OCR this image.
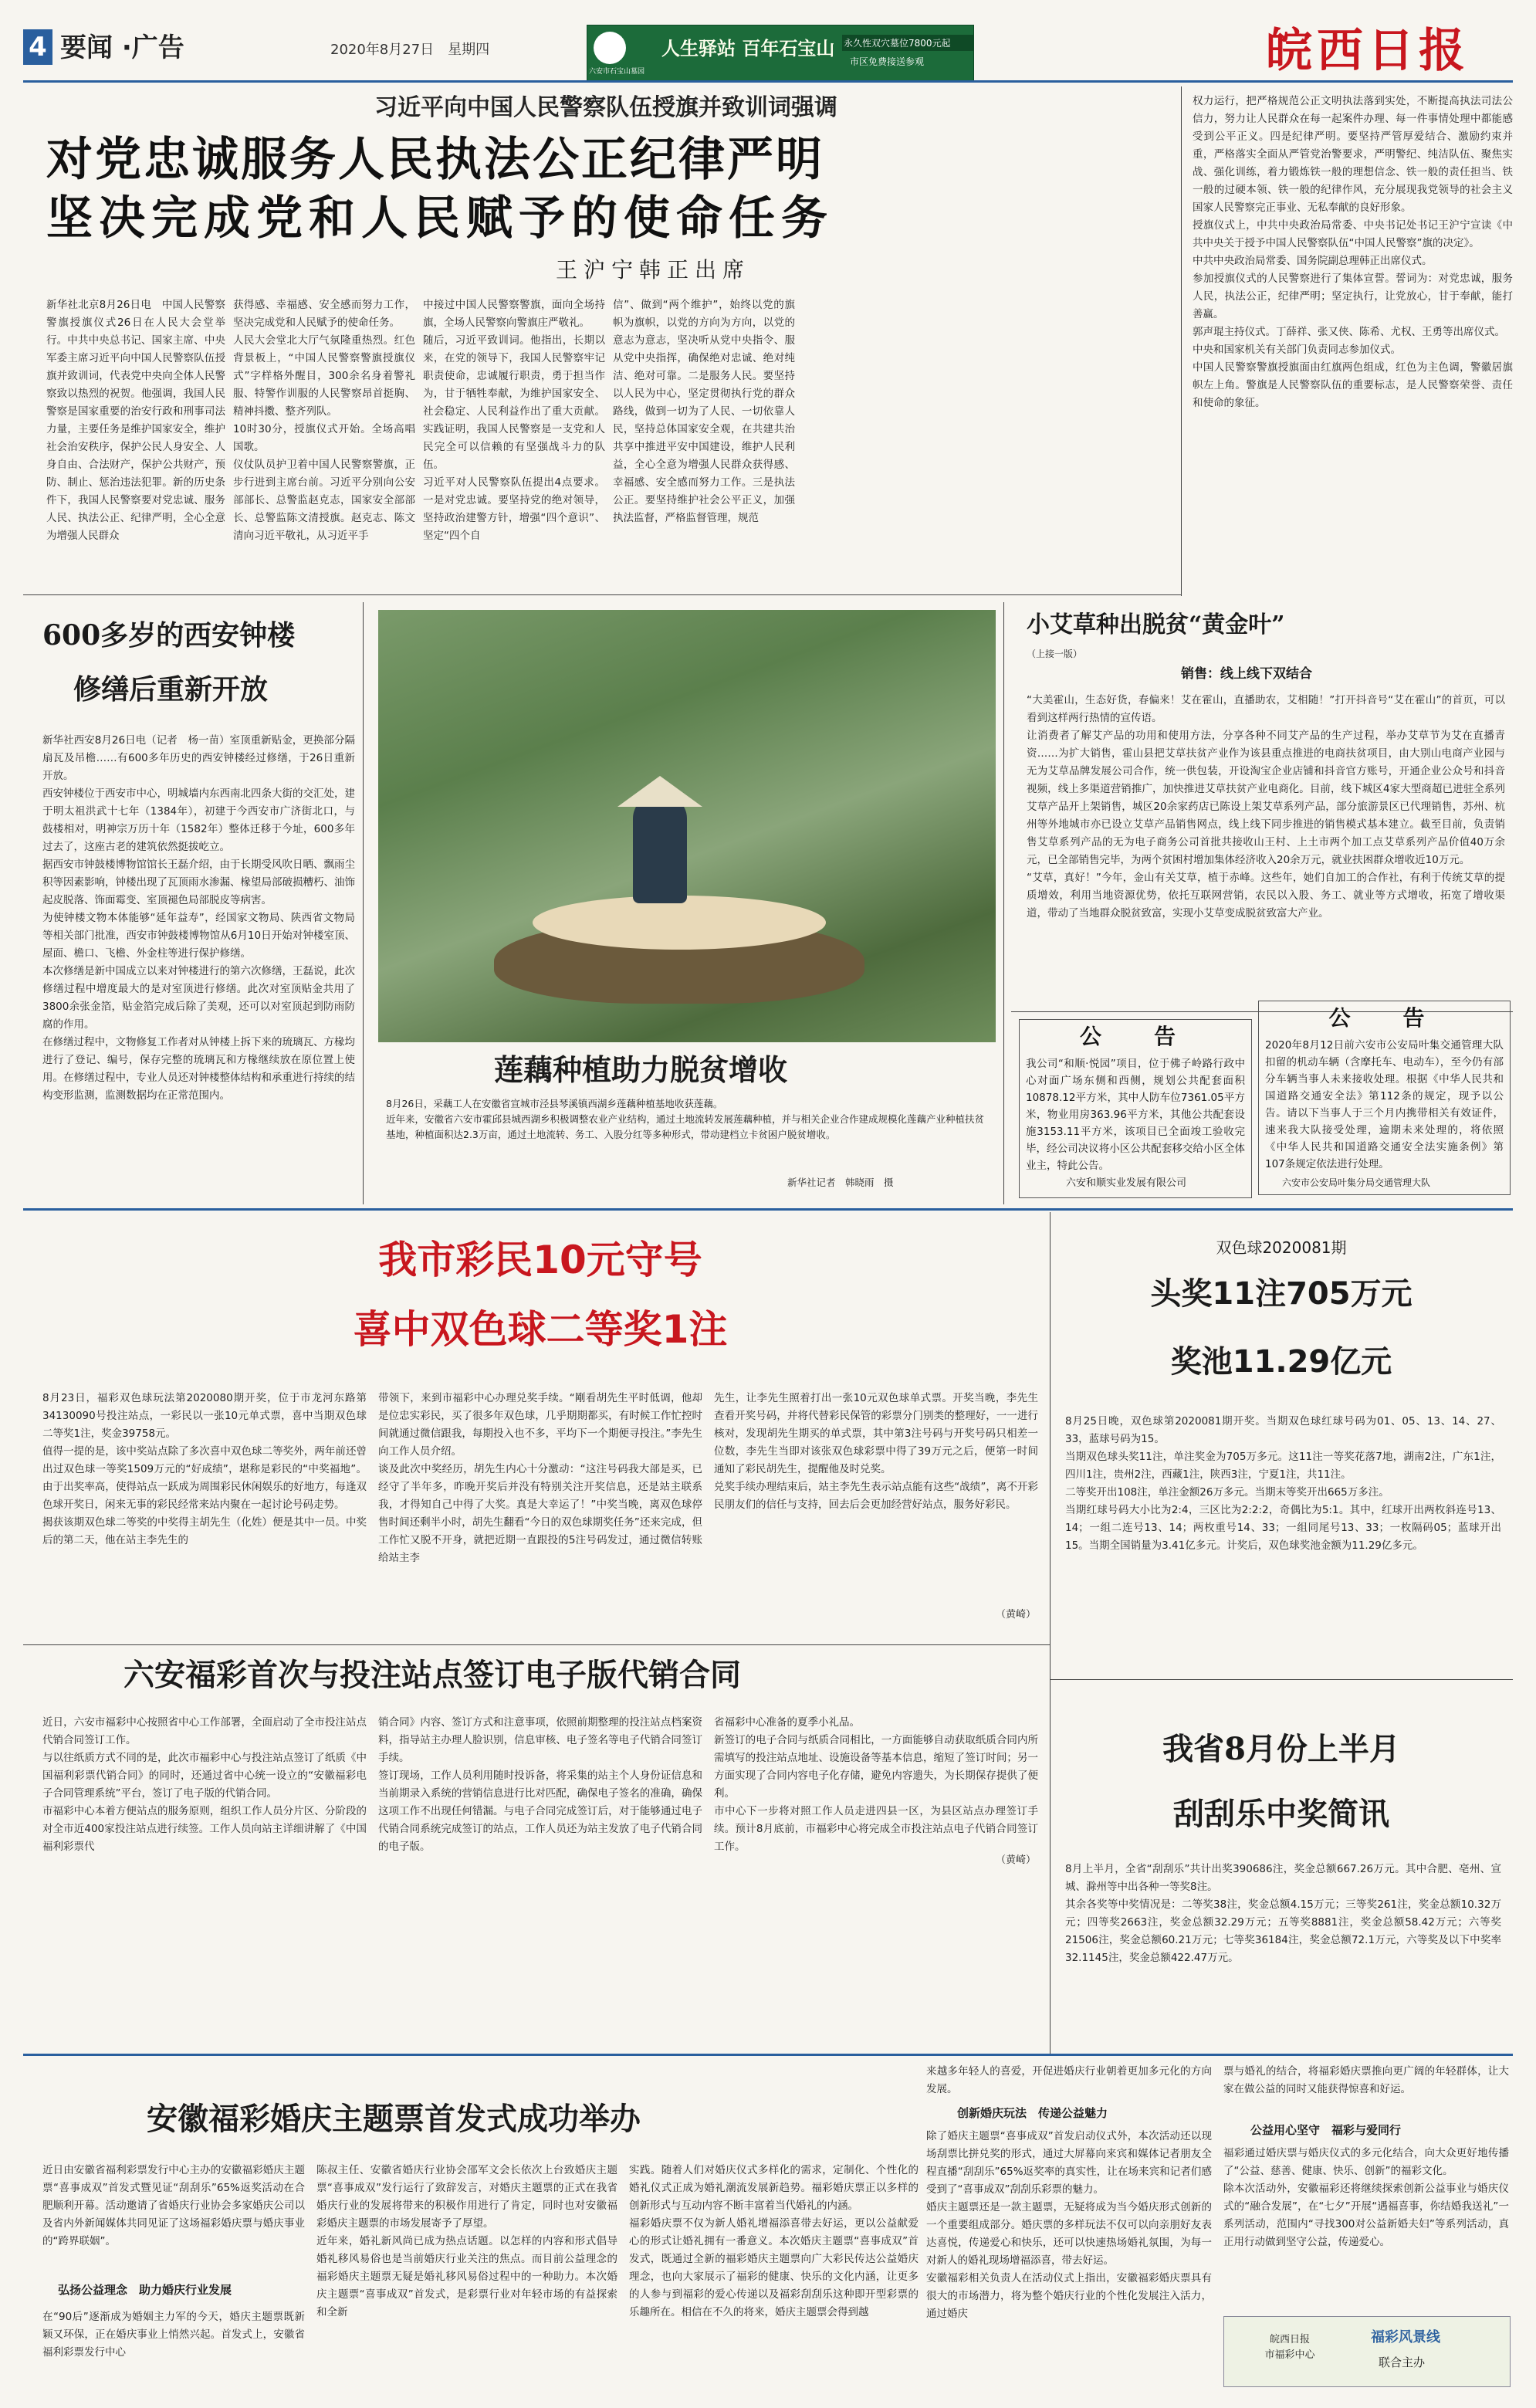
4 要闻 ·广告	2020年8月27日　星期四
六安市石宝山墓园
人生驿站 百年石宝山 永久性双穴墓位7800元起
市区免费接送参观	皖西日报
习近平向中国人民警察队伍授旗并致训词强调
对党忠诚服务人民执法公正纪律严明
坚决完成党和人民赋予的使命任务
王沪宁韩正出席
新华社北京8月26日电　中国人民警察警旗授旗仪式26日在人民大会堂举行。中共中央总书记、国家主席、中央军委主席习近平向中国人民警察队伍授旗并致训词，代表党中央向全体人民警察致以热烈的祝贺。他强调，我国人民警察是国家重要的治安行政和刑事司法力量，主要任务是维护国家安全，维护社会治安秩序，保护公民人身安全、人身自由、合法财产，保护公共财产，预防、制止、惩治违法犯罪。新的历史条件下，我国人民警察要对党忠诚、服务人民、执法公正、纪律严明，全心全意为增强人民群众
获得感、幸福感、安全感而努力工作，坚决完成党和人民赋予的使命任务。
人民大会堂北大厅气氛隆重热烈。红色背景板上，“中国人民警察警旗授旗仪式”字样格外醒目，300余名身着警礼服、特警作训服的人民警察昂首挺胸、精神抖擞、整齐列队。
10时30分，授旗仪式开始。全场高唱国歌。
仪仗队员护卫着中国人民警察警旗，正步行进到主席台前。习近平分别向公安部部长、总警监赵克志，国家安全部部长、总警监陈文清授旗。赵克志、陈文清向习近平敬礼，从习近平手
中接过中国人民警察警旗，面向全场持旗，全场人民警察向警旗庄严敬礼。
随后，习近平致训词。他指出，长期以来，在党的领导下，我国人民警察牢记职责使命，忠诚履行职责，勇于担当作为，甘于牺牲奉献，为维护国家安全、社会稳定、人民利益作出了重大贡献。实践证明，我国人民警察是一支党和人民完全可以信赖的有坚强战斗力的队伍。
习近平对人民警察队伍提出4点要求。一是对党忠诚。要坚持党的绝对领导，坚持政治建警方针，增强“四个意识”、坚定“四个自
信”、做到“两个维护”，始终以党的旗帜为旗帜，以党的方向为方向，以党的意志为意志，坚决听从党中央指令、服从党中央指挥，确保绝对忠诚、绝对纯洁、绝对可靠。二是服务人民。要坚持以人民为中心，坚定贯彻执行党的群众路线，做到一切为了人民、一切依靠人民，坚持总体国家安全观，在共建共治共享中推进平安中国建设，维护人民利益，全心全意为增强人民群众获得感、幸福感、安全感而努力工作。三是执法公正。要坚持维护社会公平正义，加强执法监督，严格监督管理，规范
权力运行，把严格规范公正文明执法落到实处，不断提高执法司法公信力，努力让人民群众在每一起案件办理、每一件事情处理中都能感受到公平正义。四是纪律严明。要坚持严管厚爱结合、激励约束并重，严格落实全面从严管党治警要求，严明警纪、纯洁队伍、聚焦实战、强化训练，着力锻炼铁一般的理想信念、铁一般的责任担当、铁一般的过硬本领、铁一般的纪律作风，充分展现我党领导的社会主义国家人民警察完正事业、无私奉献的良好形象。
授旗仪式上，中共中央政治局常委、中央书记处书记王沪宁宣读《中共中央关于授予中国人民警察队伍“中国人民警察”旗的决定》。
中共中央政治局常委、国务院副总理韩正出席仪式。
参加授旗仪式的人民警察进行了集体宣誓。誓词为：对党忠诚，服务人民，执法公正，纪律严明；坚定执行，让党放心，甘于奉献，能打善赢。
郭声琨主持仪式。丁薛祥、张又侠、陈希、尤权、王勇等出席仪式。
中央和国家机关有关部门负责同志参加仪式。
中国人民警察警旗授旗面由红旗两色组成，红色为主色调，警徽居旗帜左上角。警旗是人民警察队伍的重要标志，是人民警察荣誉、责任和使命的象征。
600多岁的西安钟楼
修缮后重新开放
新华社西安8月26日电（记者　杨一苗）室顶重新贴金，更换部分隔扇瓦及吊檐……有600多年历史的西安钟楼经过修缮，于26日重新开放。
西安钟楼位于西安市中心，明城墙内东西南北四条大街的交汇处，建于明太祖洪武十七年（1384年），初建于今西安市广济街北口，与鼓楼相对，明神宗万历十年（1582年）整体迁移于今址，600多年过去了，这座古老的建筑依然挺拔屹立。
据西安市钟鼓楼博物馆馆长王磊介绍，由于长期受风吹日晒、飘雨尘积等因素影响，钟楼出现了瓦顶雨水渗漏、椽望局部破损糟朽、油饰起皮脱落、饰面霉变、室顶褪色局部脱皮等病害。
为使钟楼文物本体能够“延年益寿”，经国家文物局、陕西省文物局等相关部门批准，西安市钟鼓楼博物馆从6月10日开始对钟楼室顶、屋面、檐口、飞檐、外金柱等进行保护修缮。
本次修缮是新中国成立以来对钟楼进行的第六次修缮，王磊说，此次修缮过程中增度最大的是对室顶进行修缮。此次对室顶贴金共用了3800余张金箔，贴金箔完成后除了美观，还可以对室顶起到防雨防腐的作用。
在修缮过程中，文物修复工作者对从钟楼上拆下来的琉璃瓦、方椽均进行了登记、编号，保存完整的琉璃瓦和方椽继续放在原位置上使用。在修缮过程中，专业人员还对钟楼整体结构和承重进行持续的结构变形监测，监测数据均在正常范围内。
莲藕种植助力脱贫增收
8月26日，采藕工人在安徽省宣城市泾县琴溪镇西湖乡莲藕种植基地收获莲藕。
近年来，安徽省六安市霍邱县城西湖乡积极调整农业产业结构，通过土地流转发展莲藕种植，并与相关企业合作建成规模化莲藕产业种植扶贫基地，种植面积达2.3万亩，通过土地流转、务工、入股分红等多种形式，带动建档立卡贫困户脱贫增收。
新华社记者　韩晓雨　摄
小艾草种出脱贫“黄金叶”
（上接一版）
销售：线上线下双结合
“大美霍山，生态好货，春偏来！艾在霍山，直播助农，艾相随！”打开抖音号“艾在霍山”的首页，可以看到这样两行热情的宣传语。
让消费者了解艾产品的功用和使用方法，分享各种不同艾产品的生产过程，举办艾草节为艾在直播青资……为扩大销售，霍山县把艾草扶贫产业作为该县重点推进的电商扶贫项目，由大别山电商产业园与无为艾草品牌发展公司合作，统一供包装，开设淘宝企业店铺和抖音官方账号，开通企业公众号和抖音视频，线上多渠道营销推广，加快推进艾草扶贫产业电商化。目前，线下城区4家大型商超已进驻全系列艾草产品开上架销售，城区20余家药店已陈设上架艾草系列产品，部分旅游景区已代理销售，苏州、杭州等外地城市亦已设立艾草产品销售网点，线上线下同步推进的销售模式基本建立。截至目前，负责销售艾草系列产品的无为电子商务公司首批共接收山王村、上土市两个加工点艾草系列产品价值40万余元，已全部销售完毕，为两个贫困村增加集体经济收入20余万元，就业扶困群众增收近10万元。
“艾草，真好！”今年，金山有关艾草，植于赤峰。这些年，她们自加工的合作社，有利于传统艾草的提质增效，利用当地资源优势，依托互联网营销，农民以入股、务工、就业等方式增收，拓宽了增收渠道，带动了当地群众脱贫致富，实现小艾草变成脱贫致富大产业。
公　告
我公司“和顺·悦园”项目，位于佛子岭路行政中心对面广场东侧和西侧，规划公共配套面积10878.12平方米，其中人防车位7361.05平方米，物业用房363.96平方米，其他公共配套设施3153.11平方米，该项目已全面竣工验收完毕，经公司决议将小区公共配套移交给小区全体业主，特此公告。
六安和顺实业发展有限公司
公　告
2020年8月12日前六安市公安局叶集交通管理大队扣留的机动车辆（含摩托车、电动车），至今仍有部分车辆当事人未来接收处理。根据《中华人民共和国道路交通安全法》第112条的规定，现予以公告。请以下当事人于三个月内携带相关有效证件，速来我大队接受处理，逾期未来处理的，将依照《中华人民共和国道路交通安全法实施条例》第107条规定依法进行处理。

六安市公安局叶集分局交通管理大队
我市彩民10元守号
喜中双色球二等奖1注
8月23日，福彩双色球玩法第2020080期开奖，位于市龙河东路第34130090号投注站点，一彩民以一张10元单式票，喜中当期双色球二等奖1注，奖金39758元。
值得一提的是，该中奖站点除了多次喜中双色球二等奖外，两年前还曾出过双色球一等奖1509万元的“好成绩”，堪称是彩民的“中奖福地”。由于出奖率高，使得站点一跃成为周围彩民休闲娱乐的好地方，每逢双色球开奖日，闲来无事的彩民经常来站内聚在一起讨论号码走势。
揭获该期双色球二等奖的中奖得主胡先生（化姓）便是其中一员。中奖后的第二天，他在站主李先生的
带领下，来到市福彩中心办理兑奖手续。“剛看胡先生平时低调，他却是位忠实彩民，买了很多年双色球，几乎期期都买，有时候工作忙控时间就通过微信跟我，每期投入也不多，平均下一个期便寻投注。”李先生向工作人员介绍。
谈及此次中奖经历，胡先生内心十分激动：“这注号码我大部是买，已经守了半年多，昨晚开奖后并没有特别关注开奖信息，还是站主联系我，才得知自己中得了大奖。真是大幸运了！”中奖当晚，离双色球停售时间还剩半小时，胡先生翻看“今日的双色球期奖任务”还来完成，但工作忙又脱不开身，就把近期一直跟投的5注号码发过，通过微信转账给站主李
先生，让李先生照着打出一张10元双色球单式票。开奖当晚，李先生查看开奖号码，并将代替彩民保管的彩票分门别类的整理好，一一进行核对，发现胡先生期买的单式票，其中第3注号码与开奖号码只相差一位数，李先生当即对该张双色球彩票中得了39万元之后，便第一时间通知了彩民胡先生，提醒他及时兑奖。
兑奖手续办理结束后，站主李先生表示站点能有这些“战绩”，离不开彩民朋友们的信任与支持，回去后会更加经营好站点，服务好彩民。
（黄崎）
双色球2020081期
头奖11注705万元
奖池11.29亿元
8月25日晚，双色球第2020081期开奖。当期双色球红球号码为01、05、13、14、27、33，蓝球号码为15。
当期双色球头奖11注，单注奖金为705万多元。这11注一等奖花落7地，湖南2注，广东1注，四川1注，贵州2注，西藏1注，陕西3注，宁夏1注，共11注。
二等奖开出108注，单注金额26万多元。当期末等奖开出665万多注。
当期红球号码大小比为2:4，三区比为2:2:2，奇偶比为5:1。其中，红球开出两枚斜连号13、14；一组二连号13、14；两枚重号14、33；一组同尾号13、33；一枚隔码05；蓝球开出15。当期全国销量为3.41亿多元。计奖后，双色球奖池金额为11.29亿多元。
六安福彩首次与投注站点签订电子版代销合同
近日，六安市福彩中心按照省中心工作部署，全面启动了全市投注站点代销合同签订工作。
与以往纸质方式不同的是，此次市福彩中心与投注站点签订了纸质《中国福利彩票代销合同》的同时，还通过省中心统一设立的“安徽福彩电子合同管理系统”平台，签订了电子版的代销合同。
市福彩中心本着方便站点的服务原则，组织工作人员分片区、分阶段的对全市近400家投注站点进行续签。工作人员向站主详细讲解了《中国福利彩票代
销合同》内容、签订方式和注意事项，依照前期整理的投注站点档案资料，指导站主办理人脸识别，信息审核、电子签名等电子代销合同签订手续。
签订现场，工作人员利用随时投诉备，将采集的站主个人身份证信息和当前期录入系统的营销信息进行比对匹配，确保电子签名的准确，确保这项工作不出现任何错漏。与电子合同完成签订后，对于能够通过电子代销合同系统完成签订的站点，工作人员还为站主发放了电子代销合同的电子版。
省福彩中心准备的夏季小礼品。
新签订的电子合同与纸质合同相比，一方面能够自动获取纸质合同内所需填写的投注站点地址、设施设备等基本信息，缩短了签订时间；另一方面实现了合同内容电子化存储，避免内容遗失，为长期保存提供了便利。
市中心下一步将对照工作人员走进四县一区，为县区站点办理签订手续。预计8月底前，市福彩中心将完成全市投注站点电子代销合同签订工作。
（黄崎）
我省8月份上半月
刮刮乐中奖简讯
8月上半月，全省“刮刮乐”共计出奖390686注，奖金总额667.26万元。其中合肥、亳州、宣城、滁州等中出各种一等奖8注。
其余各奖等中奖情况是：二等奖38注，奖金总额4.15万元；三等奖261注，奖金总额10.32万元；四等奖2663注，奖金总额32.29万元；五等奖8881注，奖金总额58.42万元；六等奖21506注，奖金总额60.21万元；七等奖36184注，奖金总额72.1万元，六等奖及以下中奖率32.1145注，奖金总额422.47万元。
安徽福彩婚庆主题票首发式成功举办
近日由安徽省福利彩票发行中心主办的安徽福彩婚庆主题票“喜事成双”首发式暨见证“刮刮乐”65%返奖活动在合肥顺利开幕。活动邀请了省婚庆行业协会多家婚庆公司以及省内外新闻媒体共同见证了这场福彩婚庆票与婚庆事业的“跨界联姻”。
弘扬公益理念　助力婚庆行业发展
在“90后”逐渐成为婚姻主力军的今天，婚庆主题票既新颖又环保，正在婚庆事业上悄然兴起。首发式上，安徽省福利彩票发行中心
陈叔主任、安徽省婚庆行业协会邵军文会长依次上台致婚庆主题票“喜事成双”发行运行了致辞发言，对婚庆主题票的正式在我省婚庆行业的发展将带来的积极作用进行了肯定，同时也对安徽福彩婚庆主题票的市场发展寄予了厚望。
近年来，婚礼新风尚已成为热点话题。以怎样的内容和形式倡导婚礼移风易俗也是当前婚庆行业关注的焦点。而目前公益理念的福彩婚庆主题票无疑是婚礼移风易俗过程中的一种助力。本次婚庆主题票“喜事成双”首发式，是彩票行业对年轻市场的有益探索和全新
实践。随着人们对婚庆仪式多样化的需求，定制化、个性化的婚礼仪式正成为婚礼潮流发展新趋势。福彩婚庆票正以多样的创新形式与互动内容不断丰富着当代婚礼的内涵。
福彩婚庆票不仅为新人婚礼增福添喜带去好运，更以公益献爱心的形式让婚礼拥有一番意义。本次婚庆主题票“喜事成双”首发式，既通过全新的福彩婚庆主题票向广大彩民传达公益婚庆理念，也向大家展示了福彩的健康、快乐的文化内涵，让更多的人参与到福彩的爱心传递以及福彩刮刮乐这种即开型彩票的乐趣所在。相信在不久的将来，婚庆主题票会得到越
来越多年轻人的喜爱，开促进婚庆行业朝着更加多元化的方向发展。
创新婚庆玩法　传递公益魅力
除了婚庆主题票“喜事成双”首发启动仪式外，本次活动还以现场刮票比拼兑奖的形式，通过大屏幕向来宾和媒体记者朋友全程直播“刮刮乐”65%返奖率的真实性，让在场来宾和记者们感受到了“喜事成双”刮刮乐彩票的魅力。
婚庆主题票还是一款主题票，无疑将成为当今婚庆形式创新的一个重要组成部分。婚庆票的多样玩法不仅可以向亲朋好友表达喜悦，传递爱心和快乐，还可以快速热场婚礼氛围，为每一对新人的婚礼现场增福添喜，带去好运。
安徽福彩相关负责人在活动仪式上指出，安徽福彩婚庆票具有很大的市场潜力，将为整个婚庆行业的个性化发展注入活力，通过婚庆
票与婚礼的结合，将福彩婚庆票推向更广阔的年轻群体，让大家在做公益的同时又能获得惊喜和好运。
公益用心坚守　福彩与爱同行
福彩通过婚庆票与婚庆仪式的多元化结合，向大众更好地传播了“公益、慈善、健康、快乐、创新”的福彩文化。
除本次活动外，安徽福彩还将继续探索创新公益事业与婚庆仪式的“融合发展”，在“七夕”开展“遇福喜事，你结婚我送礼”一系列活动，范围内“寻找300对公益新婚夫妇”等系列活动，真正用行动做到坚守公益，传递爱心。
皖西日报
市福彩中心
福彩风景线
联合主办
